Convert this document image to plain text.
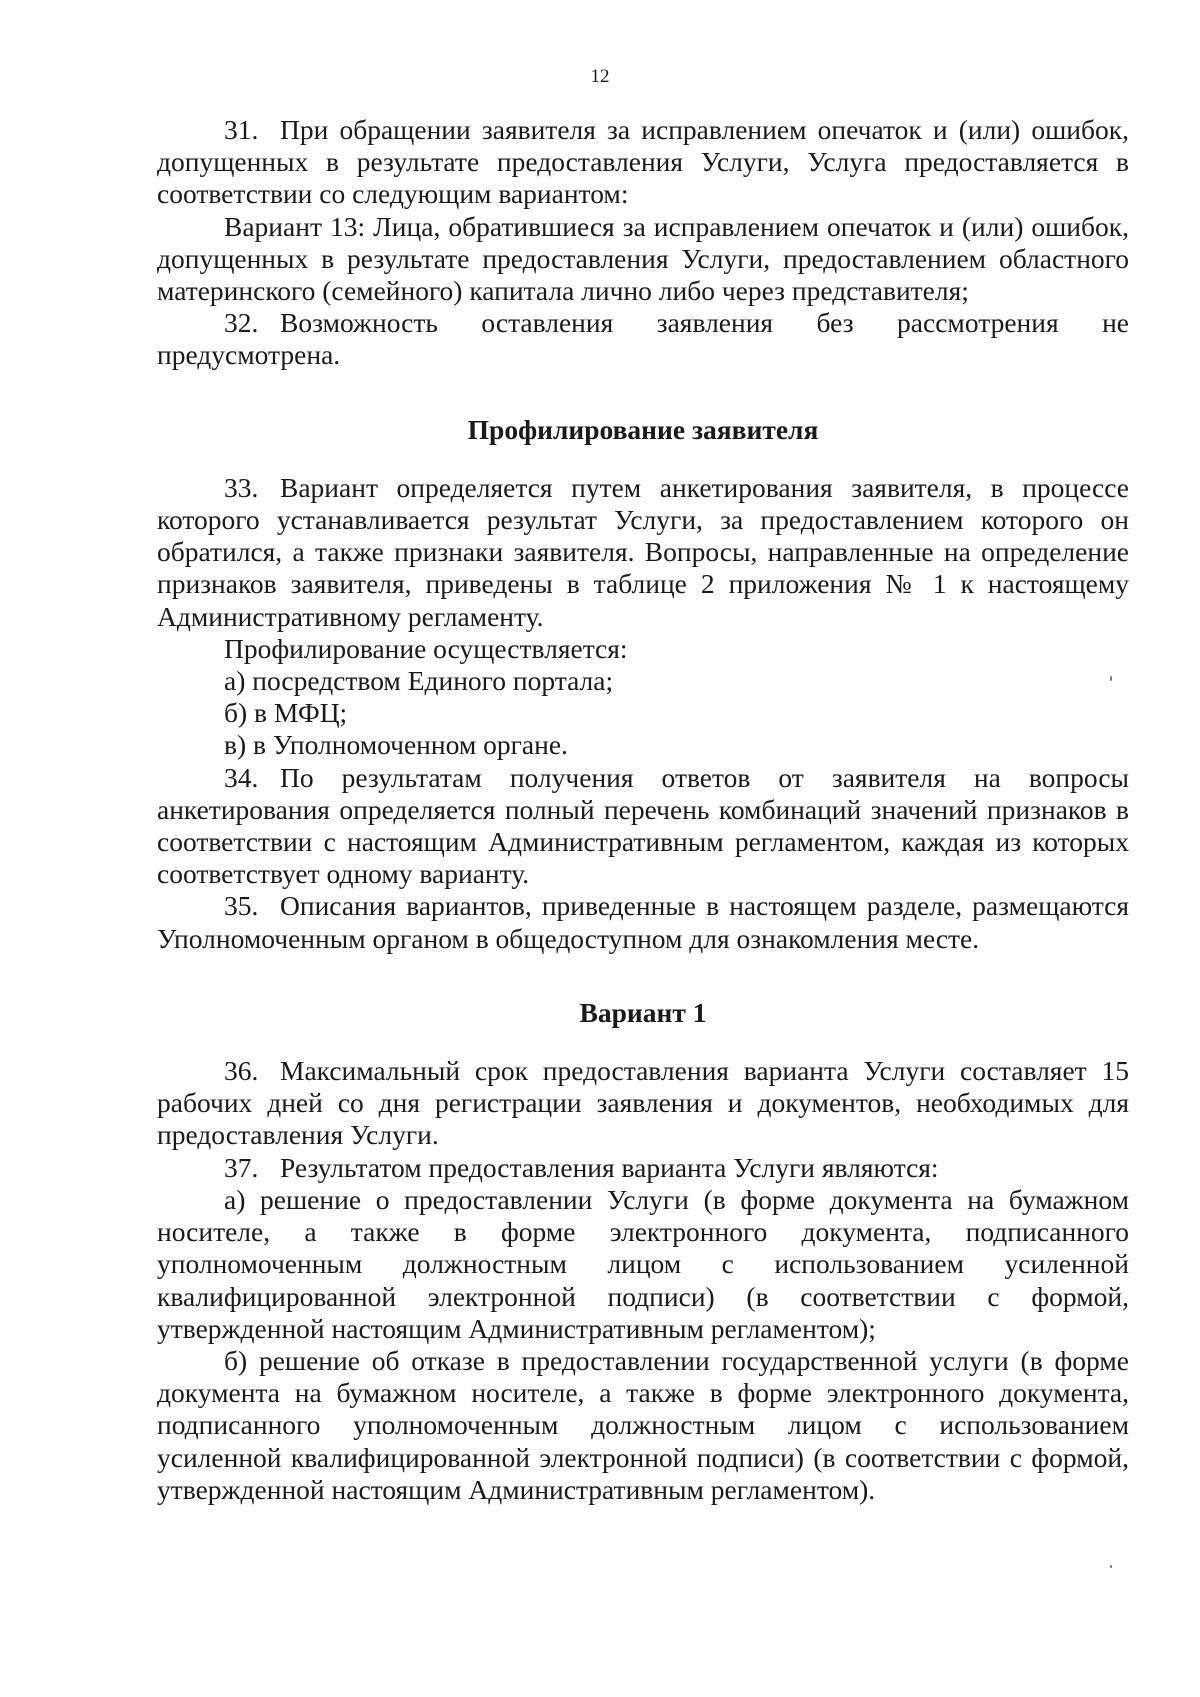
12

31. При обращении заявителя за исправлением опечаток и (или) ошибок, допущенных в результате предоставления Услуги, Услуга предоставляется в соответствии со следующим вариантом:

Вариант 13: Лица, обратившиеся за исправлением опечаток и (или) ошибок, допущенных в результате предоставления Услуги, предоставлением областного материнского (семейного) капитала лично либо через представителя;

32. Возможность оставления заявления без рассмотрения не предусмотрена.

Профилирование заявителя

33. Вариант определяется путем анкетирования заявителя, в процессе которого устанавливается результат Услуги, за предоставлением которого он обратился, а также признаки заявителя. Вопросы, направленные на определение признаков заявителя, приведены в таблице 2 приложения № 1 к настоящему Административному регламенту.

Профилирование осуществляется:

а) посредством Единого портала;

б) в МФЦ;

в) в Уполномоченном органе.

34. По результатам получения ответов от заявителя на вопросы анкетирования определяется полный перечень комбинаций значений признаков в соответствии с настоящим Административным регламентом, каждая из которых соответствует одному варианту.

35. Описания вариантов, приведенные в настоящем разделе, размещаются Уполномоченным органом в общедоступном для ознакомления месте.

Вариант 1

36. Максимальный срок предоставления варианта Услуги составляет 15 рабочих дней со дня регистрации заявления и документов, необходимых для предоставления Услуги.

37. Результатом предоставления варианта Услуги являются:

а) решение о предоставлении Услуги (в форме документа на бумажном носителе, а также в форме электронного документа, подписанного уполномоченным должностным лицом с использованием усиленной квалифицированной электронной подписи) (в соответствии с формой, утвержденной настоящим Административным регламентом);

б) решение об отказе в предоставлении государственной услуги (в форме документа на бумажном носителе, а также в форме электронного документа, подписанного уполномоченным должностным лицом с использованием усиленной квалифицированной электронной подписи) (в соответствии с формой, утвержденной настоящим Административным регламентом).
